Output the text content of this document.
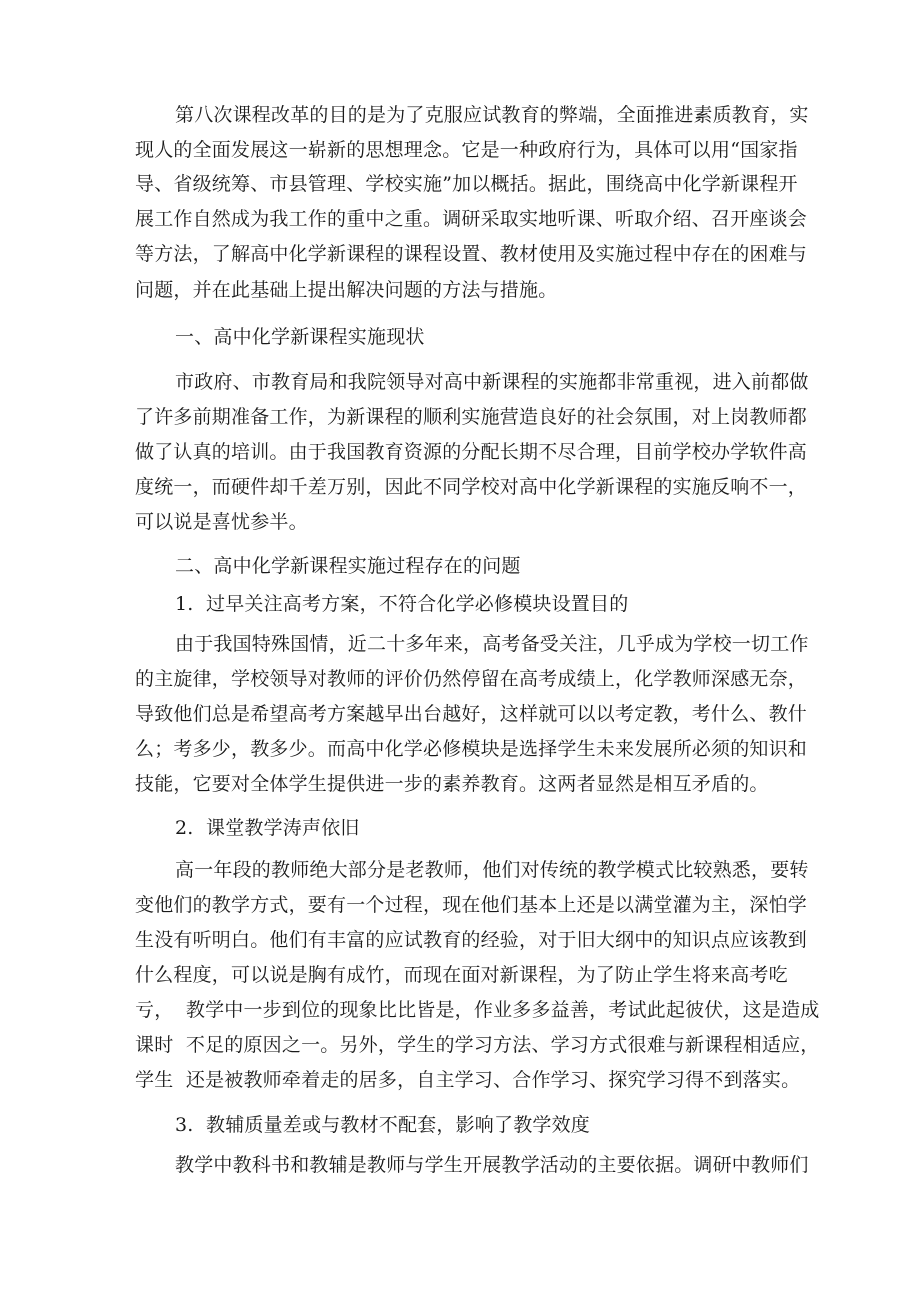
第八次课程改革的目的是为了克服应试教育的弊端，全面推进素质教育，实
现人的全面发展这一崭新的思想理念。它是一种政府行为，具体可以用“国家指
导、省级统筹、市县管理、学校实施”加以概括。据此，围绕高中化学新课程开
展工作自然成为我工作的重中之重。调研采取实地听课、听取介绍、召开座谈会
等方法，了解高中化学新课程的课程设置、教材使用及实施过程中存在的困难与
问题，并在此基础上提出解决问题的方法与措施。
一、高中化学新课程实施现状
市政府、市教育局和我院领导对高中新课程的实施都非常重视，进入前都做
了许多前期准备工作，为新课程的顺利实施营造良好的社会氛围，对上岗教师都
做了认真的培训。由于我国教育资源的分配长期不尽合理，目前学校办学软件高
度统一，而硬件却千差万别，因此不同学校对高中化学新课程的实施反响不一，
可以说是喜忧参半。
二、高中化学新课程实施过程存在的问题
1.  过早关注高考方案，不符合化学必修模块设置目的
由于我国特殊国情，近二十多年来，高考备受关注，几乎成为学校一切工作
的主旋律，学校领导对教师的评价仍然停留在高考成绩上，化学教师深感无奈，
导致他们总是希望高考方案越早出台越好，这样就可以以考定教，考什么、教什
么；考多少，教多少。而高中化学必修模块是选择学生未来发展所必须的知识和
技能，它要对全体学生提供进一步的素养教育。这两者显然是相互矛盾的。
2.  课堂教学涛声依旧
高一年段的教师绝大部分是老教师，他们对传统的教学模式比较熟悉，要转
变他们的教学方式，要有一个过程，现在他们基本上还是以满堂灌为主，深怕学
生没有听明白。他们有丰富的应试教育的经验，对于旧大纲中的知识点应该教到
什么程度，可以说是胸有成竹，而现在面对新课程，为了防止学生将来高考吃
亏，  教学中一步到位的现象比比皆是，作业多多益善，考试此起彼伏，这是造成
课时  不足的原因之一。另外，学生的学习方法、学习方式很难与新课程相适应，
学生  还是被教师牵着走的居多，自主学习、合作学习、探究学习得不到落实。
3.  教辅质量差或与教材不配套，影响了教学效度
教学中教科书和教辅是教师与学生开展教学活动的主要依据。调研中教师们
